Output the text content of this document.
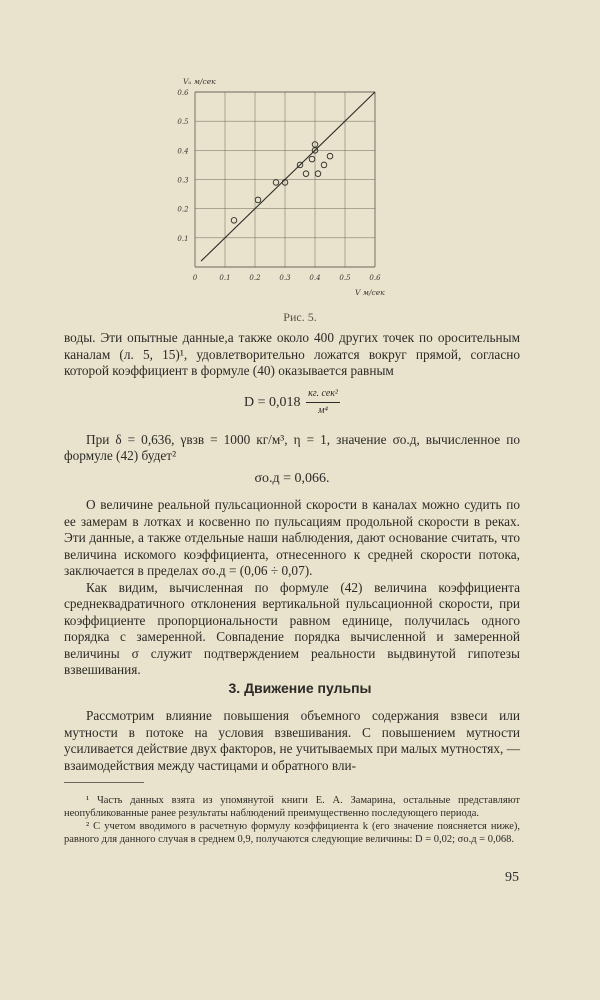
0	0.1	0.2	0.3	0.4	0.5	0.6
0.1
0.2
0.3
0.4
0.5
0.6
Vᵤ м/сек
V м/сек
Рис. 5.

воды. Эти опытные данные,а также около 400 других точек по оросительным каналам (л. 5, 15)¹, удовлетворительно ложатся вокруг прямой, согласно которой коэффициент в формуле (40) оказывается равным

$D = 0,018 \frac{\text{кг. сек²}}{\text{м⁴}}$

При δ = 0,636, γвзв = 1000 кг/м³, η = 1, значение σо.д, вычисленное по формуле (42) будет²

σо.д = 0,066.

О величине реальной пульсационной скорости в каналах можно судить по ее замерам в лотках и косвенно по пульсациям продольной скорости в реках. Эти данные, а также отдельные наши наблюдения, дают основание считать, что величина искомого коэффициента, отнесенного к средней скорости потока, заключается в пределах σо.д = (0,06 ÷ 0,07).

Как видим, вычисленная по формуле (42) величина коэффициента среднеквадратичного отклонения вертикальной пульсационной скорости, при коэффициенте пропорциональности равном единице, получилась одного порядка с замеренной. Совпадение порядка вычисленной и замеренной величины σ служит подтверждением реальности выдвинутой гипотезы взвешивания.

3. Движение пульпы

Рассмотрим влияние повышения объемного содержания взвеси или мутности в потоке на условия взвешивания. С повышением мутности усиливается действие двух факторов, не учитываемых при малых мутностях, — взаимодействия между частицами и обратного вли-

¹ Часть данных взята из упомянутой книги Е. А. Замарина, остальные представляют неопубликованные ранее результаты наблюдений преимущественно последующего периода.

² С учетом вводимого в расчетную формулу коэффициента k (его значение поясняется ниже), равного для данного случая в среднем 0,9, получаются следующие величины: D = 0,02; σо.д = 0,068.

95
